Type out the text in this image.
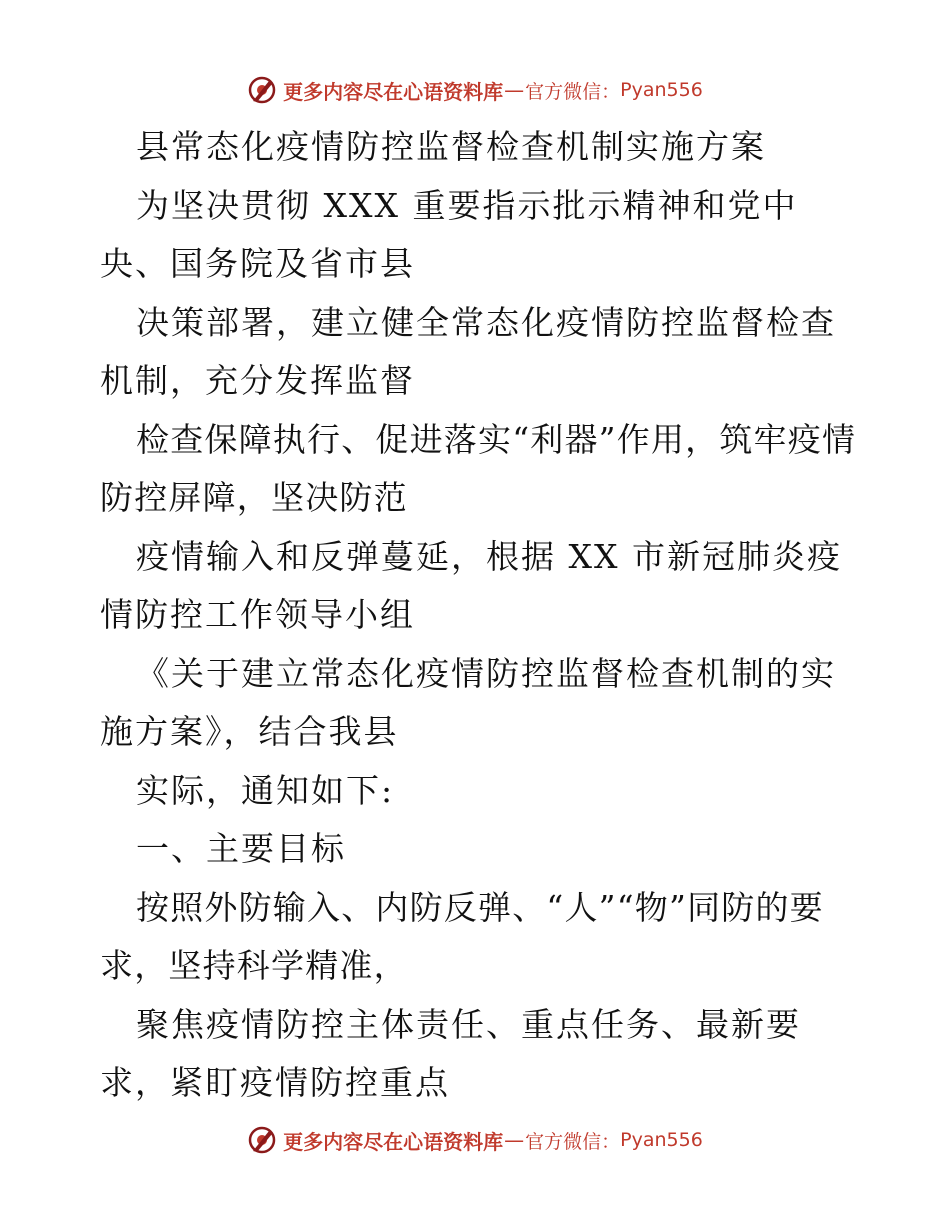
更多内容尽在心语资料库 — 官方微信： Pyan556

县常态化疫情防控监督检查机制实施方案

为坚决贯彻 XXX 重要指示批示精神和党中央、国务院及省市县

决策部署，建立健全常态化疫情防控监督检查机制，充分发挥监督

检查保障执行、促进落实“利器”作用，筑牢疫情防控屏障，坚决防范

疫情输入和反弹蔓延，根据 XX 市新冠肺炎疫情防控工作领导小组

《关于建立常态化疫情防控监督检查机制的实施方案》，结合我县

实际，通知如下:

一、主要目标

按照外防输入、内防反弹、“人”“物”同防的要求，坚持科学精准，

聚焦疫情防控主体责任、重点任务、最新要求，紧盯疫情防控重点

更多内容尽在心语资料库 — 官方微信： Pyan556
